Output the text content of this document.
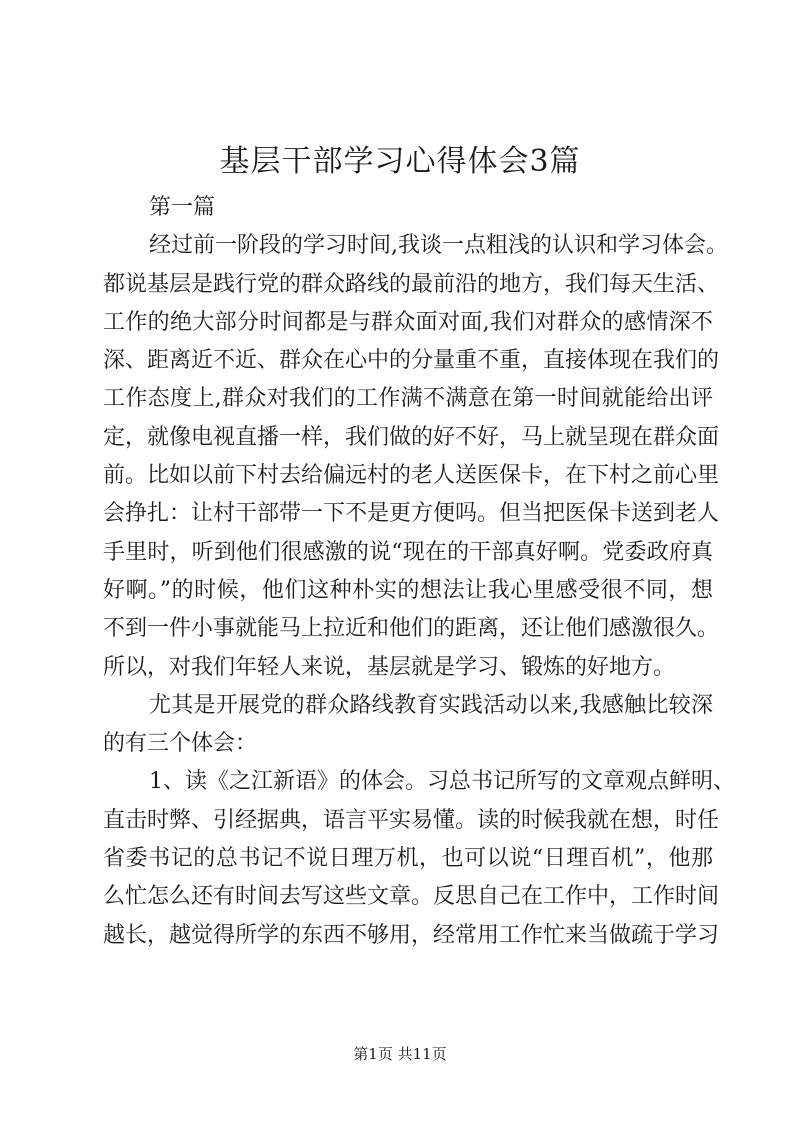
基层干部学习心得体会3篇
第一篇
经过前一阶段的学习时间,我谈一点粗浅的认识和学习体会。
都说基层是践行党的群众路线的最前沿的地方，我们每天生活、
工作的绝大部分时间都是与群众面对面,我们对群众的感情深不
深、距离近不近、群众在心中的分量重不重，直接体现在我们的
工作态度上,群众对我们的工作满不满意在第一时间就能给出评
定，就像电视直播一样，我们做的好不好，马上就呈现在群众面
前。比如以前下村去给偏远村的老人送医保卡，在下村之前心里
会挣扎：让村干部带一下不是更方便吗。但当把医保卡送到老人
手里时，听到他们很感激的说“现在的干部真好啊。党委政府真
好啊。”的时候，他们这种朴实的想法让我心里感受很不同，想
不到一件小事就能马上拉近和他们的距离，还让他们感激很久。
所以，对我们年轻人来说，基层就是学习、锻炼的好地方。
尤其是开展党的群众路线教育实践活动以来,我感触比较深
的有三个体会：
1、读《之江新语》的体会。习总书记所写的文章观点鲜明、
直击时弊、引经据典，语言平实易懂。读的时候我就在想，时任
省委书记的总书记不说日理万机，也可以说“日理百机”，他那
么忙怎么还有时间去写这些文章。反思自己在工作中，工作时间
越长，越觉得所学的东西不够用，经常用工作忙来当做疏于学习
第1页 共11页
